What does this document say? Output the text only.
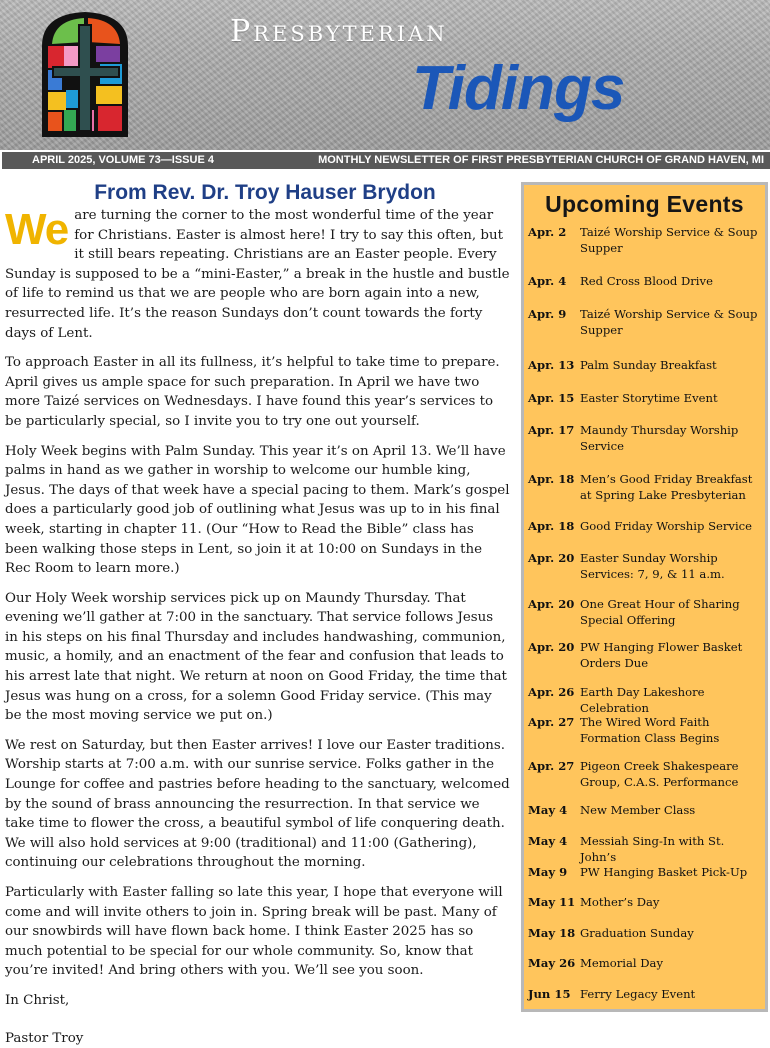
Presbyterian
Tidings
APRIL 2025, VOLUME 73—ISSUE 4	MONTHLY NEWSLETTER OF FIRST PRESBYTERIAN CHURCH OF GRAND HAVEN, MI
From Rev. Dr. Troy Hauser Brydon

We are turning the corner to the most wonderful time of the year for Christians. Easter is almost here! I try to say this often, but it still bears repeating. Christians are an Easter people. Every Sunday is supposed to be a “mini-Easter,” a break in the hustle and bustle of life to remind us that we are people who are born again into a new, resurrected life. It’s the reason Sundays don’t count towards the forty days of Lent.

To approach Easter in all its fullness, it’s helpful to take time to prepare. April gives us ample space for such preparation. In April we have two more Taizé services on Wednesdays. I have found this year’s services to be particularly special, so I invite you to try one out yourself.

Holy Week begins with Palm Sunday. This year it’s on April 13. We’ll have palms in hand as we gather in worship to welcome our humble king, Jesus. The days of that week have a special pacing to them. Mark’s gospel does a particularly good job of outlining what Jesus was up to in his final week, starting in chapter 11. (Our “How to Read the Bible” class has been walking those steps in Lent, so join it at 10:00 on Sundays in the Rec Room to learn more.)

Our Holy Week worship services pick up on Maundy Thursday. That evening we’ll gather at 7:00 in the sanctuary. That service follows Jesus in his steps on his final Thursday and includes handwashing, communion, music, a homily, and an enactment of the fear and confusion that leads to his arrest late that night. We return at noon on Good Friday, the time that Jesus was hung on a cross, for a solemn Good Friday service. (This may be the most moving service we put on.)

We rest on Saturday, but then Easter arrives! I love our Easter traditions. Worship starts at 7:00 a.m. with our sunrise service. Folks gather in the Lounge for coffee and pastries before heading to the sanctuary, welcomed by the sound of brass announcing the resurrection. In that service we take time to flower the cross, a beautiful symbol of life conquering death. We will also hold services at 9:00 (traditional) and 11:00 (Gathering), continuing our celebrations throughout the morning.

Particularly with Easter falling so late this year, I hope that everyone will come and will invite others to join in. Spring break will be past. Many of our snowbirds will have flown back home. I think Easter 2025 has so much potential to be special for our whole community. So, know that you’re invited! And bring others with you. We’ll see you soon.

In Christ,

Pastor Troy

Upcoming Events
Apr. 2	Taizé Worship Service & Soup Supper
Apr. 4	Red Cross Blood Drive
Apr. 9	Taizé Worship Service & Soup Supper
Apr. 13 Palm Sunday Breakfast
Apr. 15 Easter Storytime Event
Apr. 17 Maundy Thursday Worship Service
Apr. 18 Men’s Good Friday Breakfast at Spring Lake Presbyterian
Apr. 18 Good Friday Worship Service
Apr. 20 Easter Sunday Worship Services: 7, 9, & 11 a.m.
Apr. 20 One Great Hour of Sharing Special Offering
Apr. 20 PW Hanging Flower Basket Orders Due
Apr. 26 Earth Day Lakeshore Celebration
Apr. 27 The Wired Word Faith Formation Class Begins
Apr. 27 Pigeon Creek Shakespeare Group, C.A.S. Performance
May 4	New Member Class
May 4	Messiah Sing-In with St. John’s
May 9	PW Hanging Basket Pick-Up
May 11 Mother’s Day
May 18 Graduation Sunday
May 26 Memorial Day
Jun 15 Ferry Legacy Event
